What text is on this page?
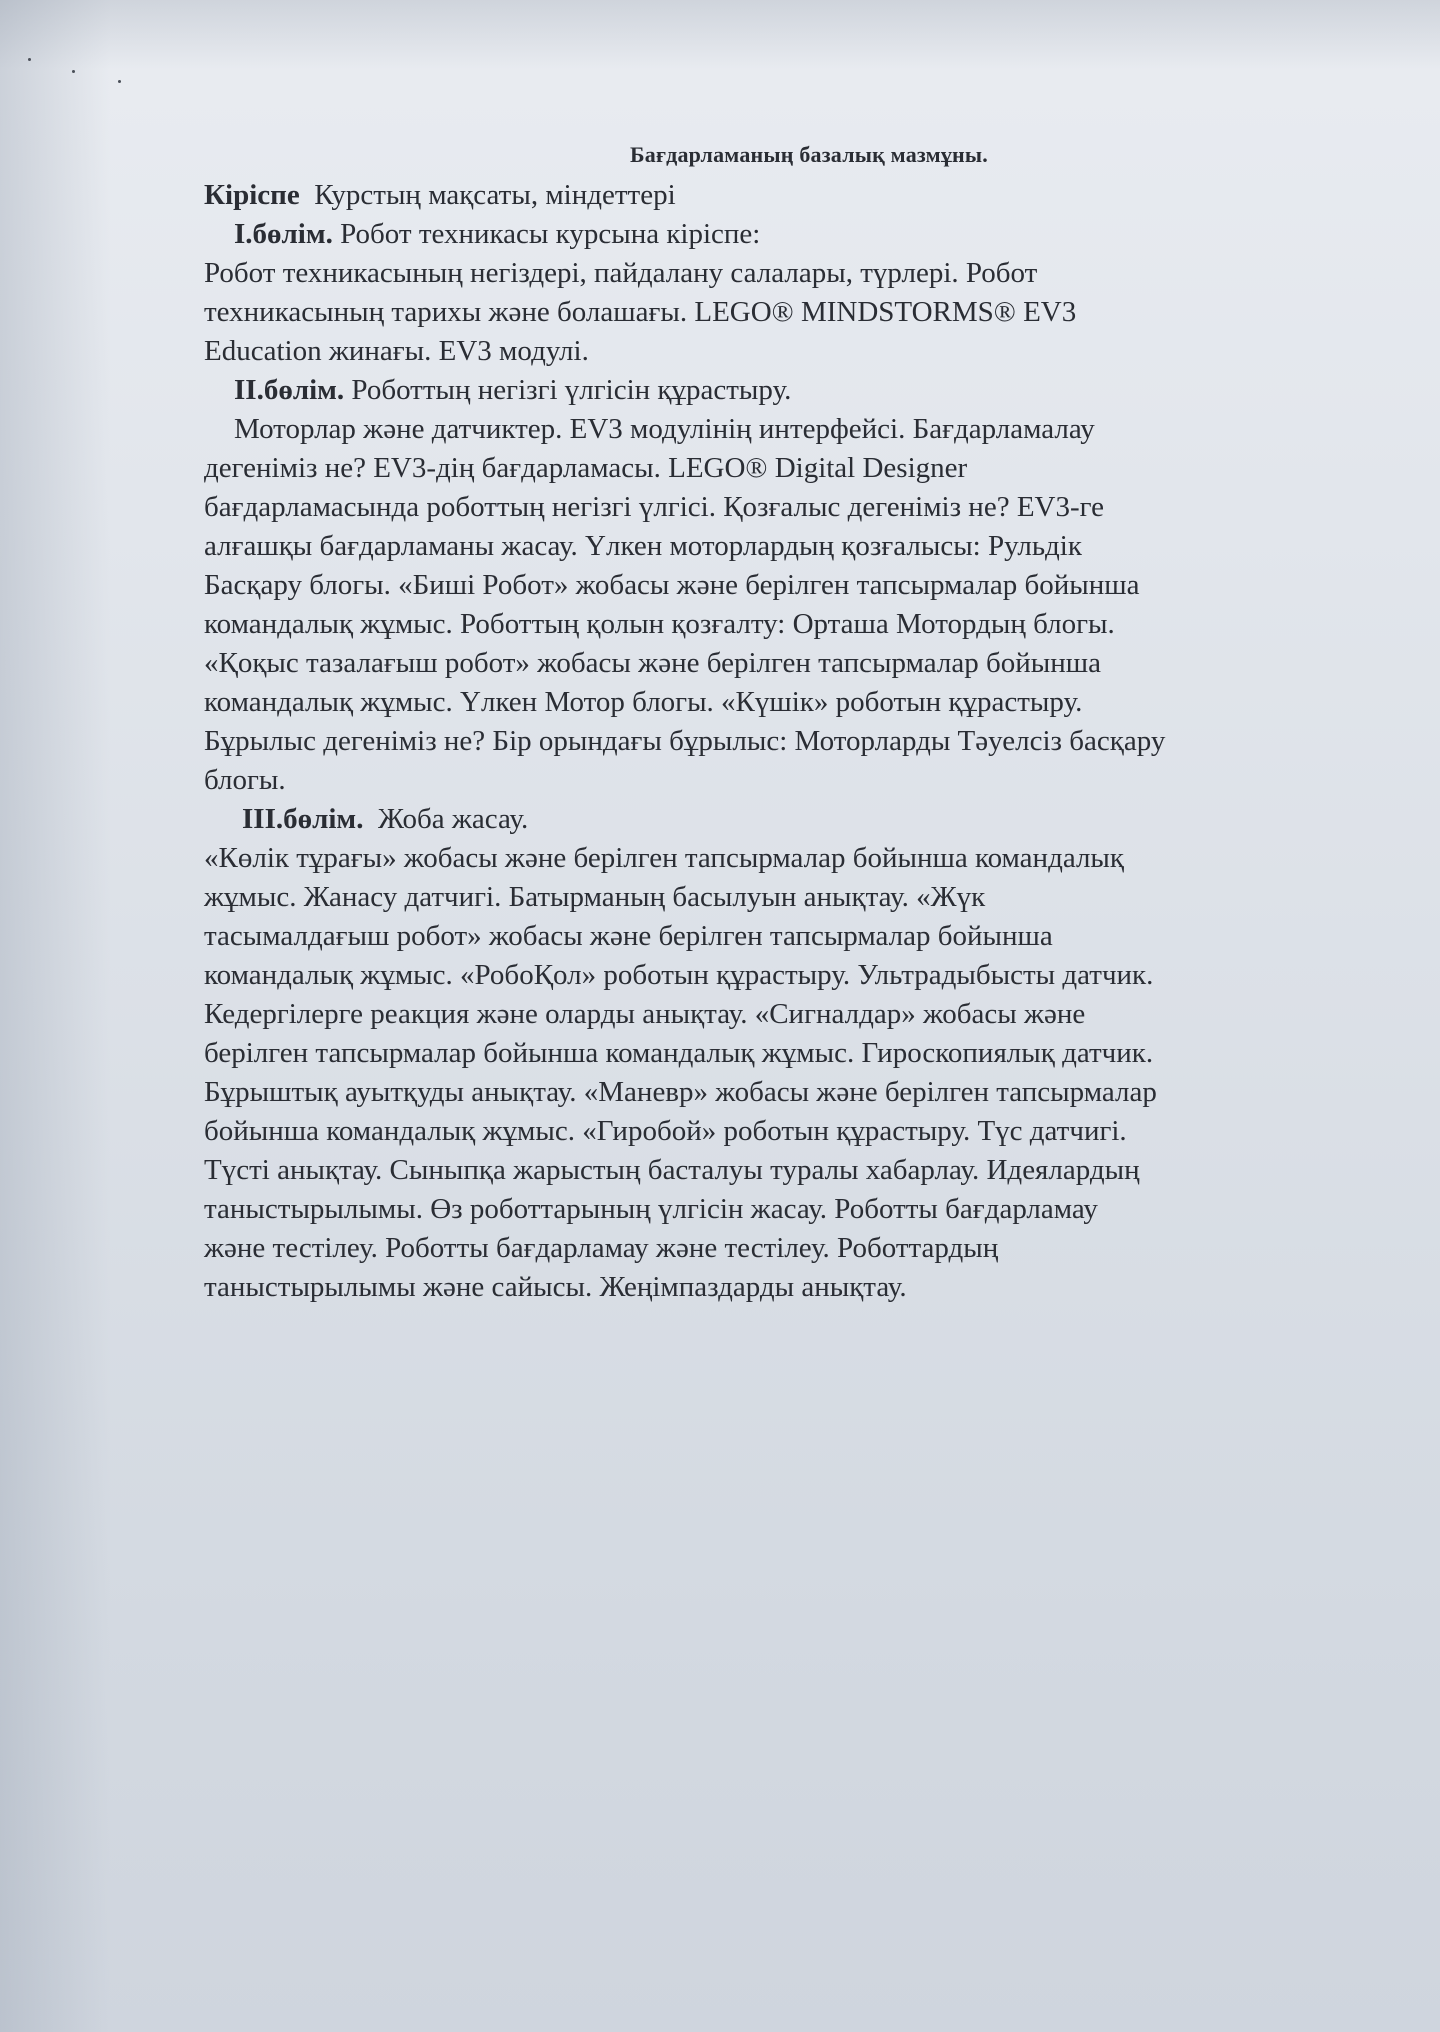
Бағдарламаның базалық мазмұны.

Кіріспе Курстың мақсаты, міндеттері

І.бөлім. Робот техникасы курсына кіріспе:

Робот техникасының негіздері, пайдалану салалары, түрлері. Робот

техникасының тарихы және болашағы. LEGO® MINDSTORMS® EV3

Education жинағы. EV3 модулі.

ІІ.бөлім. Роботтың негізгі үлгісін құрастыру.

Моторлар және датчиктер. EV3 модулінің интерфейсі. Бағдарламалау

дегеніміз не? EV3-дің бағдарламасы. LEGO® Digital Designer

бағдарламасында роботтың негізгі үлгісі. Қозғалыс дегеніміз не? EV3-ге

алғашқы бағдарламаны жасау. Үлкен моторлардың қозғалысы: Рульдік

Басқару блогы. «Биші Робот» жобасы және берілген тапсырмалар бойынша

командалық жұмыс. Роботтың қолын қозғалту: Орташа Мотордың блогы.

«Қоқыс тазалағыш робот» жобасы және берілген тапсырмалар бойынша

командалық жұмыс. Үлкен Мотор блогы. «Күшік» роботын құрастыру.

Бұрылыс дегеніміз не? Бір орындағы бұрылыс: Моторларды Тәуелсіз басқару

блогы.

ІІІ.бөлім. Жоба жасау.

«Көлік тұрағы» жобасы және берілген тапсырмалар бойынша командалық

жұмыс. Жанасу датчигі. Батырманың басылуын анықтау. «Жүк

тасымалдағыш робот» жобасы және берілген тапсырмалар бойынша

командалық жұмыс. «РобоҚол» роботын құрастыру. Ультрадыбысты датчик.

Кедергілерге реакция және оларды анықтау. «Сигналдар» жобасы және

берілген тапсырмалар бойынша командалық жұмыс. Гироскопиялық датчик.

Бұрыштық ауытқуды анықтау. «Маневр» жобасы және берілген тапсырмалар

бойынша командалық жұмыс. «Гиробой» роботын құрастыру. Түс датчигі.

Түсті анықтау. Сыныпқа жарыстың басталуы туралы хабарлау. Идеялардың

таныстырылымы. Өз роботтарының үлгісін жасау. Роботты бағдарламау

және тестілеу. Роботты бағдарламау және тестілеу. Роботтардың

таныстырылымы және сайысы. Жеңімпаздарды анықтау.
